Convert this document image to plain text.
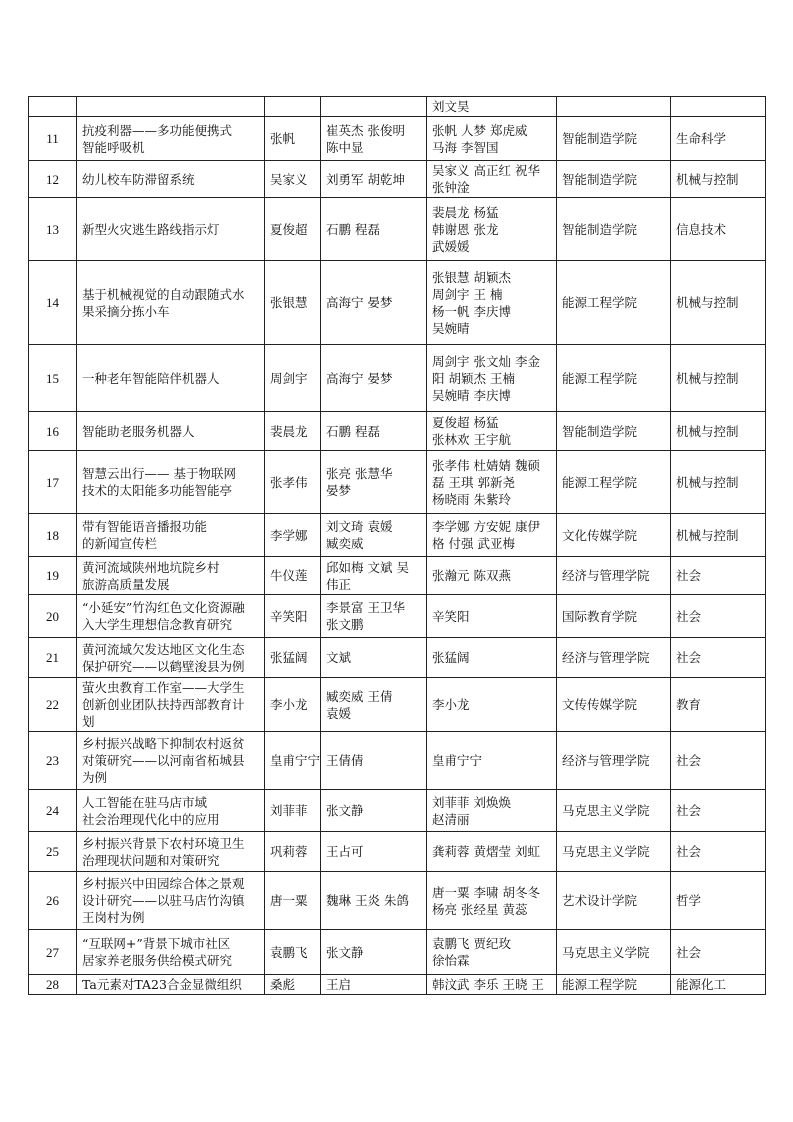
				刘文昊		

11	抗疫利器——多功能便携式
智能呼吸机	张帆	崔英杰 张俊明
陈中显	张帆 人梦 郑虎威
马海 李智国	智能制造学院	生命科学

12	幼儿校车防滞留系统	吴家义	刘勇军 胡乾坤	吴家义 高正红 祝华
张钟淦	智能制造学院	机械与控制

13	新型火灾逃生路线指示灯	夏俊超	石鹏 程磊	裴晨龙 杨猛
韩谢恩 张龙
武媛媛	智能制造学院	信息技术

14	基于机械视觉的自动跟随式水
果采摘分拣小车	张银慧	高海宁 晏梦	张银慧 胡颖杰
周剑宇 王 楠
杨一帆 李庆博
吴婉晴	能源工程学院	机械与控制

15	一种老年智能陪伴机器人	周剑宇	高海宁 晏梦	周剑宇 张文灿 李金
阳 胡颖杰 王楠
吴婉晴 李庆博	能源工程学院	机械与控制

16	智能助老服务机器人	裴晨龙	石鹏 程磊	夏俊超 杨猛
张林欢 王宇航	智能制造学院	机械与控制

17	智慧云出行—— 基于物联网
技术的太阳能多功能智能亭	张孝伟	张亮 张慧华
晏梦	张孝伟 杜婧婧 魏硕
磊 王琪 郭新尧
杨晓雨 朱紫玲	能源工程学院	机械与控制

18	带有智能语音播报功能
的新闻宣传栏	李学娜	刘文琦 袁媛
臧奕威	李学娜 方安妮 康伊
格 付强 武亚梅	文化传媒学院	机械与控制

19	黄河流域陕州地坑院乡村
旅游高质量发展	牛仪莲	邱如梅 文斌 吴
伟正	张瀚元 陈双燕	经济与管理学院	社会

20	“小延安”竹沟红色文化资源融
入大学生理想信念教育研究	辛笑阳	李景富 王卫华
张文鹏	辛笑阳	国际教育学院	社会

21	黄河流域欠发达地区文化生态
保护研究——以鹤壁浚县为例	张猛阔	文斌	张猛阔	经济与管理学院	社会

22	萤火虫教育工作室——大学生
创新创业团队扶持西部教育计
划	李小龙	臧奕威 王倩
袁媛	李小龙	文传传媒学院	教育

23	乡村振兴战略下抑制农村返贫
对策研究——以河南省柘城县
为例	皇甫宁宁	王倩倩	皇甫宁宁	经济与管理学院	社会

24	人工智能在驻马店市域
社会治理现代化中的应用	刘菲菲	张文静	刘菲菲 刘焕焕
赵清丽	马克思主义学院	社会

25	乡村振兴背景下农村环境卫生
治理现状问题和对策研究	巩莉蓉	王占可	龚莉蓉 黄熠莹 刘虹	马克思主义学院	社会

26	乡村振兴中田园综合体之景观
设计研究——以驻马店竹沟镇
王岗村为例	唐一粟	魏琳 王炎 朱鸽	唐一粟 李啸 胡冬冬
杨亮 张经星 黄蕊	艺术设计学院	哲学

27	“互联网+”背景下城市社区
居家养老服务供给模式研究	袁鹏飞	张文静	袁鹏飞 贾纪玫
徐怡霖	马克思主义学院	社会

28	Ta元素对TA23合金显微组织	桑彪	王启	韩汶武 李乐 王晓 王	能源工程学院	能源化工
